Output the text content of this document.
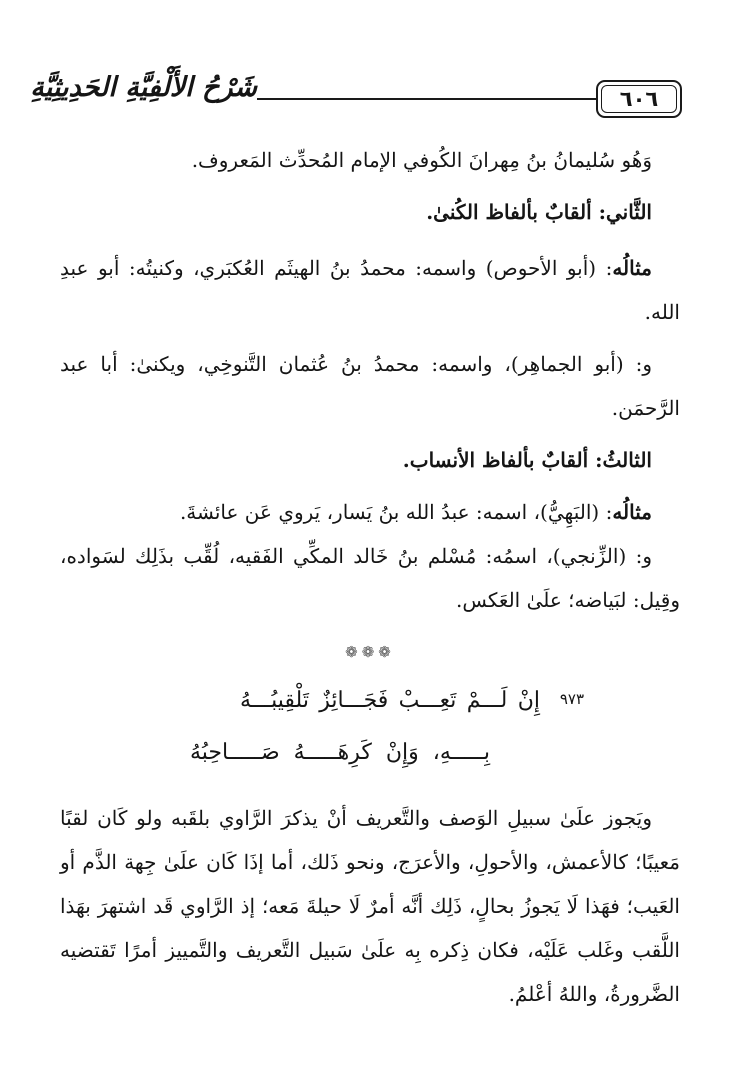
٦٠٦
شَرْحُ الأَلْفِيَّةِ الحَدِيثِيَّةِ

وَهُو سُليمانُ بنُ مِهرانَ الكُوفي الإمام المُحدِّث المَعروف.

الثَّاني: ألقابٌ بألفاظ الكُنىٰ.

مثالُه: (أبو الأحوص) واسمه: محمدُ بنُ الهيثَم العُكبَري، وكنيتُه: أبو عبدِ الله.

و: (أبو الجماهِر)، واسمه: محمدُ بنُ عُثمان التَّنوخِي، ويكنىٰ: أبا عبد الرَّحمَن.

الثالثُ: ألقابٌ بألفاظ الأنساب.

مثالُه: (البَهِيُّ)، اسمه: عبدُ الله بنُ يَسار، يَروي عَن عائشةَ.

و: (الزِّنجي)، اسمُه: مُسْلم بنُ خَالد المكِّي الفَقيه، لُقِّب بذَلِك لسَواده، وقِيل: لبَياضه؛ علَىٰ العَكس.

❁❁❁
٩٧٣
إِنْ لَـــمْ تَعِـــبْ فَجَـــائِزٌ تَلْقِيبُـــهُ
بِـــــهِ، وَإِنْ كَرِهَـــــهُ صَـــــاحِبُهُ

ويَجوز علَىٰ سبيلِ الوَصف والتَّعريف أنْ يذكرَ الرَّاوي بلقَبه ولو كَان لقبًا مَعيبًا؛ كالأعمش، والأحولِ، والأعرَج، ونحو ذَلك، أما إذَا كَان علَىٰ جِهة الذَّم أو العَيب؛ فهَذا لَا يَجوزُ بحالٍ، ذَلِك أنَّه أمرٌ لَا حيلةَ مَعه؛ إذ الرَّاوي قَد اشتهرَ بهَذا اللَّقب وغَلب عَلَيْه، فكان ذِكره بِه علَىٰ سَبيل التَّعريف والتَّمييز أمرًا تَقتضيه الضَّرورةُ، واللهُ أعْلمُ.
